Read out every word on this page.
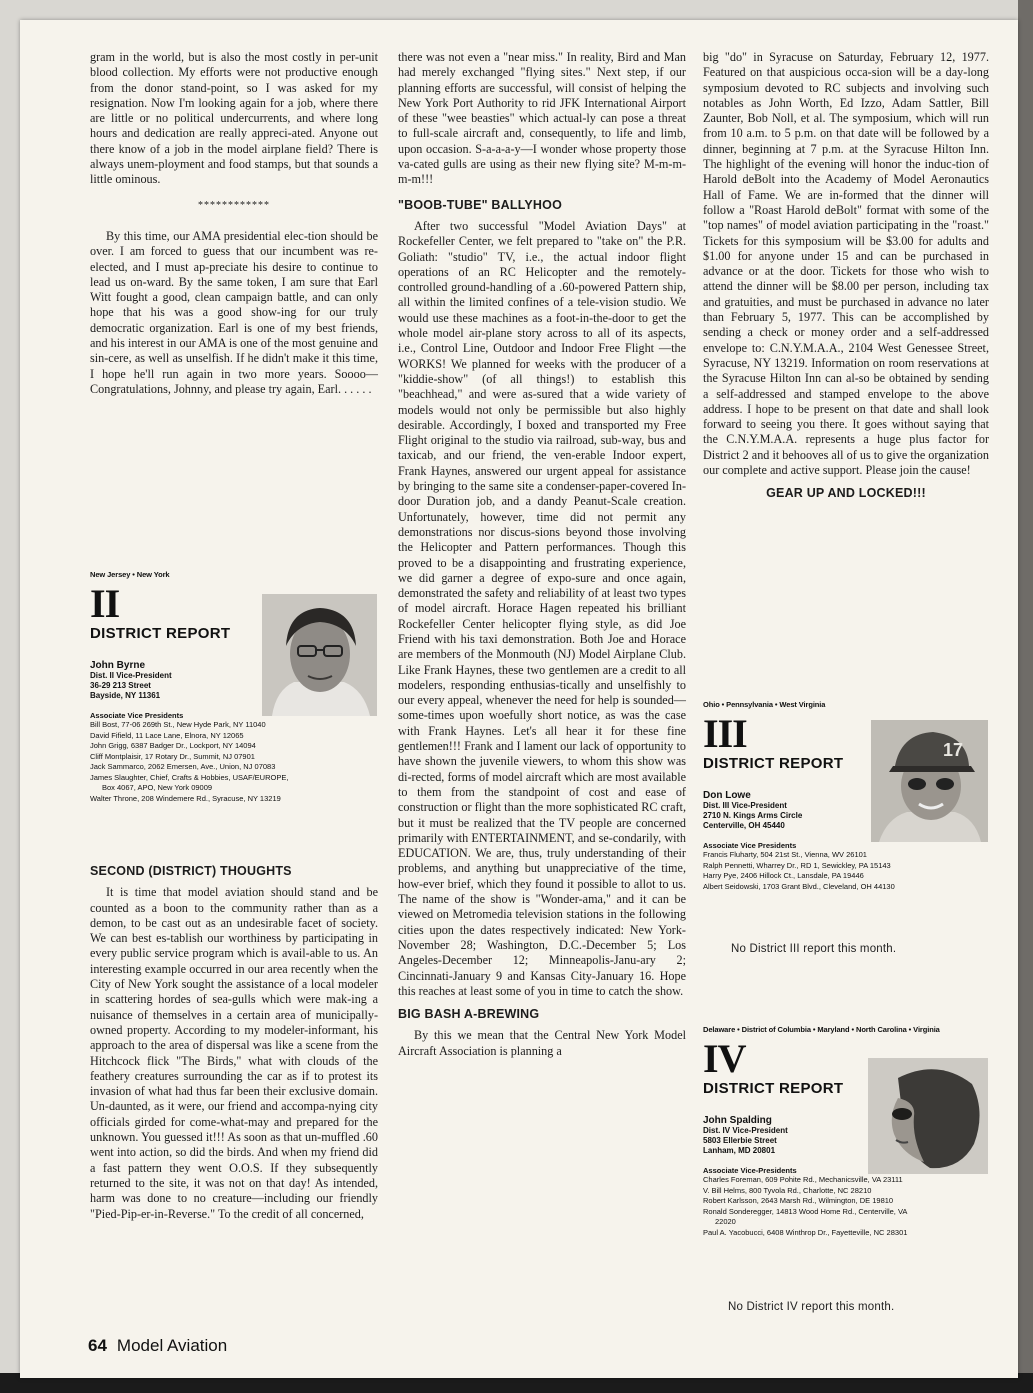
gram in the world, but is also the most costly in per-unit blood collection. My efforts were not productive enough from the donor stand-point, so I was asked for my resignation. Now I'm looking again for a job, where there are little or no political undercurrents, and where long hours and dedication are really appreci-ated. Anyone out there know of a job in the model airplane field? There is always unem-ployment and food stamps, but that sounds a little ominous.

************

By this time, our AMA presidential elec-tion should be over. I am forced to guess that our incumbent was re-elected, and I must ap-preciate his desire to continue to lead us on-ward. By the same token, I am sure that Earl Witt fought a good, clean campaign battle, and can only hope that his was a good show-ing for our truly democratic organization. Earl is one of my best friends, and his interest in our AMA is one of the most genuine and sin-cere, as well as unselfish. If he didn't make it this time, I hope he'll run again in two more years. Soooo—Congratulations, Johnny, and please try again, Earl. . . . . .

New Jersey • New York
II
DISTRICT REPORT
John Byrne
Dist. II Vice-President
36-29 213 Street
Bayside, NY 11361
Associate Vice Presidents
Bill Bost, 77-06 269th St., New Hyde Park, NY 11040
David Fifield, 11 Lace Lane, Elnora, NY 12065
John Grigg, 6387 Badger Dr., Lockport, NY 14094
Cliff Montplaisir, 17 Rotary Dr., Summit, NJ 07901
Jack Sammarco, 2062 Emersen, Ave., Union, NJ 07083
James Slaughter, Chief, Crafts & Hobbies, USAF/EUROPE,
Box 4067, APO, New York 09009
Walter Throne, 208 Windemere Rd., Syracuse, NY 13219
SECOND (DISTRICT) THOUGHTS

It is time that model aviation should stand and be counted as a boon to the community rather than as a demon, to be cast out as an undesirable facet of society. We can best es-tablish our worthiness by participating in every public service program which is avail-able to us. An interesting example occurred in our area recently when the City of New York sought the assistance of a local modeler in scattering hordes of sea-gulls which were mak-ing a nuisance of themselves in a certain area of municipally-owned property. According to my modeler-informant, his approach to the area of dispersal was like a scene from the Hitchcock flick "The Birds," what with clouds of the feathery creatures surrounding the car as if to protest its invasion of what had thus far been their exclusive domain. Un-daunted, as it were, our friend and accompa-nying city officials girded for come-what-may and prepared for the unknown. You guessed it!!! As soon as that un-muffled .60 went into action, so did the birds. And when my friend did a fast pattern they went O.O.S. If they subsequently returned to the site, it was not on that day! As intended, harm was done to no creature—including our friendly "Pied-Pip-er-in-Reverse." To the credit of all concerned,

there was not even a "near miss." In reality, Bird and Man had merely exchanged "flying sites." Next step, if our planning efforts are successful, will consist of helping the New York Port Authority to rid JFK International Airport of these "wee beasties" which actual-ly can pose a threat to full-scale aircraft and, consequently, to life and limb, upon occasion. S-a-a-a-y—I wonder whose property those va-cated gulls are using as their new flying site? M-m-m-m-m!!!

"BOOB-TUBE" BALLYHOO

After two successful "Model Aviation Days" at Rockefeller Center, we felt prepared to "take on" the P.R. Goliath: "studio" TV, i.e., the actual indoor flight operations of an RC Helicopter and the remotely-controlled ground-handling of a .60-powered Pattern ship, all within the limited confines of a tele-vision studio. We would use these machines as a foot-in-the-door to get the whole model air-plane story across to all of its aspects, i.e., Control Line, Outdoor and Indoor Free Flight —the WORKS! We planned for weeks with the producer of a "kiddie-show" (of all things!) to establish this "beachhead," and were as-sured that a wide variety of models would not only be permissible but also highly desirable. Accordingly, I boxed and transported my Free Flight original to the studio via railroad, sub-way, bus and taxicab, and our friend, the ven-erable Indoor expert, Frank Haynes, answered our urgent appeal for assistance by bringing to the same site a condenser-paper-covered In-door Duration job, and a dandy Peanut-Scale creation. Unfortunately, however, time did not permit any demonstrations nor discus-sions beyond those involving the Helicopter and Pattern performances. Though this proved to be a disappointing and frustrating experience, we did garner a degree of expo-sure and once again, demonstrated the safety and reliability of at least two types of model aircraft. Horace Hagen repeated his brilliant Rockefeller Center helicopter flying style, as did Joe Friend with his taxi demonstration. Both Joe and Horace are members of the Monmouth (NJ) Model Airplane Club. Like Frank Haynes, these two gentlemen are a credit to all modelers, responding enthusias-tically and unselfishly to our every appeal, whenever the need for help is sounded—some-times upon woefully short notice, as was the case with Frank Haynes. Let's all hear it for these fine gentlemen!!! Frank and I lament our lack of opportunity to have shown the juvenile viewers, to whom this show was di-rected, forms of model aircraft which are most available to them from the standpoint of cost and ease of construction or flight than the more sophisticated RC craft, but it must be realized that the TV people are concerned primarily with ENTERTAINMENT, and se-condarily, with EDUCATION. We are, thus, truly understanding of their problems, and anything but unappreciative of the time, how-ever brief, which they found it possible to allot to us. The name of the show is "Wonder-ama," and it can be viewed on Metromedia television stations in the following cities upon the dates respectively indicated: New York-November 28; Washington, D.C.-December 5; Los Angeles-December 12; Minneapolis-Janu-ary 2; Cincinnati-January 9 and Kansas City-January 16. Hope this reaches at least some of you in time to catch the show.

BIG BASH A-BREWING

By this we mean that the Central New York Model Aircraft Association is planning a

big "do" in Syracuse on Saturday, February 12, 1977. Featured on that auspicious occa-sion will be a day-long symposium devoted to RC subjects and involving such notables as John Worth, Ed Izzo, Adam Sattler, Bill Zaunter, Bob Noll, et al. The symposium, which will run from 10 a.m. to 5 p.m. on that date will be followed by a dinner, beginning at 7 p.m. at the Syracuse Hilton Inn. The highlight of the evening will honor the induc-tion of Harold deBolt into the Academy of Model Aeronautics Hall of Fame. We are in-formed that the dinner will follow a "Roast Harold deBolt" format with some of the "top names" of model aviation participating in the "roast." Tickets for this symposium will be $3.00 for adults and $1.00 for anyone under 15 and can be purchased in advance or at the door. Tickets for those who wish to attend the dinner will be $8.00 per person, including tax and gratuities, and must be purchased in advance no later than February 5, 1977. This can be accomplished by sending a check or money order and a self-addressed envelope to: C.N.Y.M.A.A., 2104 West Genessee Street, Syracuse, NY 13219. Information on room reservations at the Syracuse Hilton Inn can al-so be obtained by sending a self-addressed and stamped envelope to the above address. I hope to be present on that date and shall look forward to seeing you there. It goes without saying that the C.N.Y.M.A.A. represents a huge plus factor for District 2 and it behooves all of us to give the organization our complete and active support. Please join the cause!

GEAR UP AND LOCKED!!!
Ohio • Pennsylvania • West Virginia
III
DISTRICT REPORT
Don Lowe
Dist. III Vice-President
2710 N. Kings Arms Circle
Centerville, OH 45440
Associate Vice Presidents
Francis Fluharty, 504 21st St., Vienna, WV 26101
Ralph Pennetti, Wharrey Dr., RD 1, Sewickley, PA 15143
Harry Pye, 2406 Hillock Ct., Lansdale, PA 19446
Albert Seidowski, 1703 Grant Blvd., Cleveland, OH 44130
17
No District III report this month.
Delaware • District of Columbia • Maryland • North Carolina • Virginia
IV
DISTRICT REPORT
John Spalding
Dist. IV Vice-President
5803 Ellerbie Street
Lanham, MD 20801
Associate Vice-Presidents
Charles Foreman, 609 Pohite Rd., Mechanicsville, VA 23111
V. Bill Helms, 800 Tyvola Rd., Charlotte, NC 28210
Robert Karlsson, 2643 Marsh Rd., Wilmington, DE 19810
Ronald Sonderegger, 14813 Wood Home Rd., Centerville, VA
22020
Paul A. Yacobucci, 6408 Winthrop Dr., Fayetteville, NC 28301
No District IV report this month.
64 Model Aviation
